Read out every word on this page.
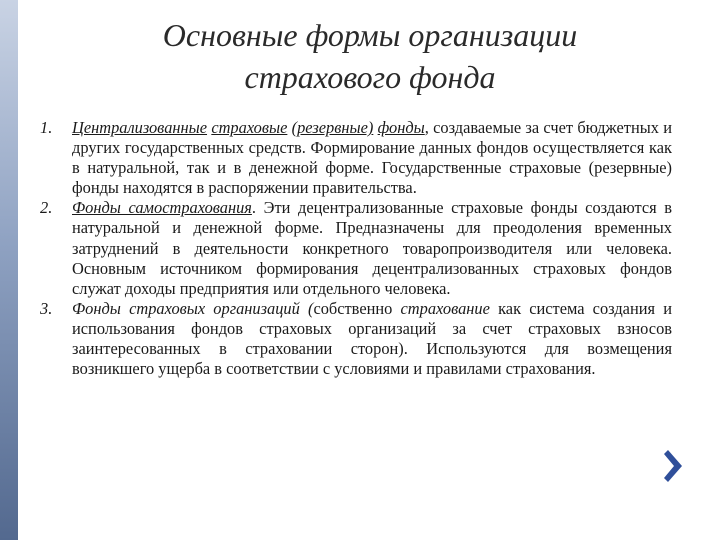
Основные формы организации
страхового фонда
1. Централизованные страховые (резервные) фонды, создаваемые за счет бюджетных и других государственных средств. Формирование данных фондов осуществляется как в натуральной, так и в денежной форме. Государственные страховые (резервные) фонды находятся в распоряжении правительства.
2. Фонды самострахования. Эти децентрализованные страховые фонды создаются в натуральной и денежной форме. Предназначены для преодоления временных затруднений в деятельности конкретного товаропроизводителя или человека. Основным источником формирования децентрализованных страховых фондов служат доходы предприятия или отдельного человека.
3. Фонды страховых организаций (собственно страхование как система создания и использования фондов страховых организаций за счет страховых взносов заинтересованных в страховании сторон). Используются для возмещения возникшего ущерба в соответствии с условиями и правилами страхования.
